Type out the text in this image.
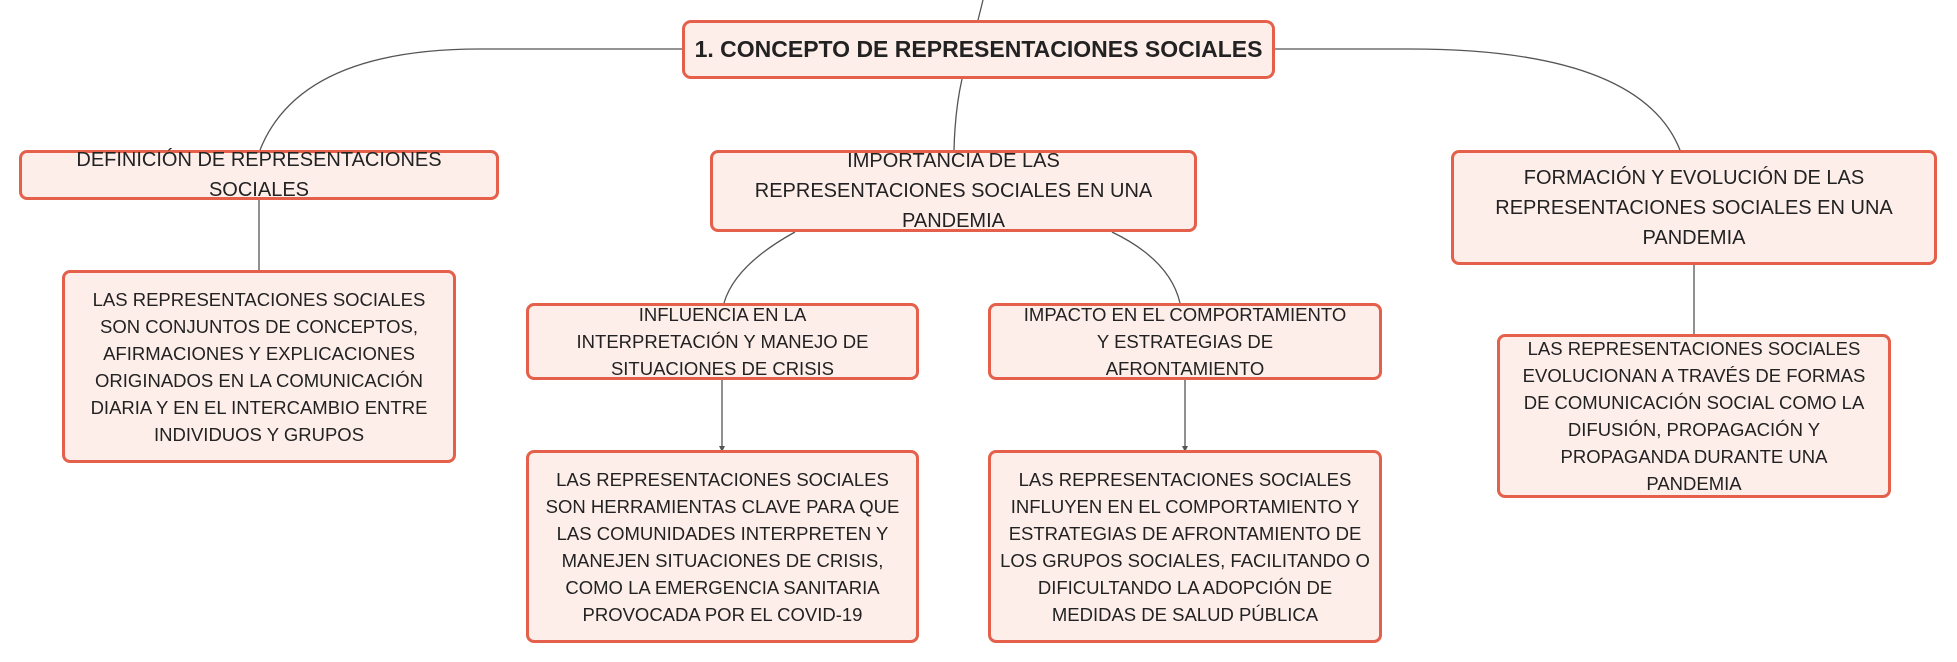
1. CONCEPTO DE REPRESENTACIONES SOCIALES
DEFINICIÓN DE REPRESENTACIONES SOCIALES
IMPORTANCIA DE LAS REPRESENTACIONES SOCIALES EN UNA PANDEMIA
FORMACIÓN Y EVOLUCIÓN DE LAS REPRESENTACIONES SOCIALES EN UNA PANDEMIA
LAS REPRESENTACIONES SOCIALES SON CONJUNTOS DE CONCEPTOS, AFIRMACIONES Y EXPLICACIONES ORIGINADOS EN LA COMUNICACIÓN DIARIA Y EN EL INTERCAMBIO ENTRE INDIVIDUOS Y GRUPOS
INFLUENCIA EN LA INTERPRETACIÓN Y MANEJO DE SITUACIONES DE CRISIS
IMPACTO EN EL COMPORTAMIENTO Y ESTRATEGIAS DE AFRONTAMIENTO
LAS REPRESENTACIONES SOCIALES SON HERRAMIENTAS CLAVE PARA QUE LAS COMUNIDADES INTERPRETEN Y MANEJEN SITUACIONES DE CRISIS, COMO LA EMERGENCIA SANITARIA PROVOCADA POR EL COVID-19
LAS REPRESENTACIONES SOCIALES INFLUYEN EN EL COMPORTAMIENTO Y ESTRATEGIAS DE AFRONTAMIENTO DE LOS GRUPOS SOCIALES, FACILITANDO O DIFICULTANDO LA ADOPCIÓN DE MEDIDAS DE SALUD PÚBLICA
LAS REPRESENTACIONES SOCIALES EVOLUCIONAN A TRAVÉS DE FORMAS DE COMUNICACIÓN SOCIAL COMO LA DIFUSIÓN, PROPAGACIÓN Y PROPAGANDA DURANTE UNA PANDEMIA
